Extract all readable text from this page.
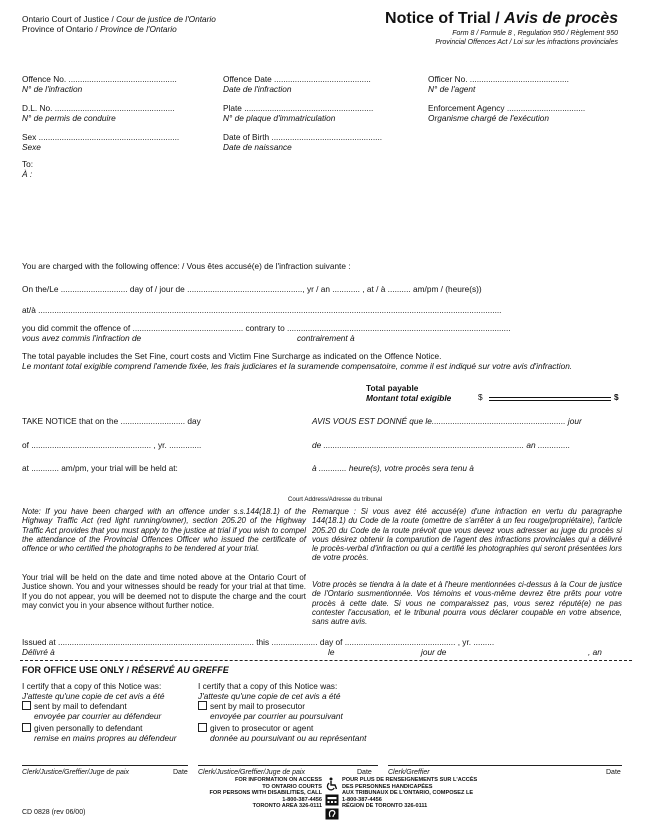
Ontario Court of Justice / Cour de justice de l'Ontario
Province of Ontario / Province de l'Ontario
Notice of Trial / Avis de procès
Form 8 / Formule 8 , Regulation 950 / Règlement 950
Provincial Offences Act / Loi sur les infractions provinciales
Offence No. ...............................................
N° de l'infraction
Offence Date ..........................................
Date de l'infraction
Officer No. ...........................................
N° de l'agent
D.L. No. ....................................................
N° de permis de conduire
Plate ........................................................
N° de plaque d'immatriculation
Enforcement Agency ..................................
Organisme chargé de l'exécution
Sex .............................................................
Sexe
Date of Birth ................................................
Date de naissance
To:
À :
You are charged with the following offence: / Vous êtes accusé(e) de l'infraction suivante :
On the/Le ............................. day of / jour de .................................................., yr / an ............ , at / à .......... am/pm / (heure(s))
at/à .........................................................................................................................................................................................................
you did commit the offence of ................................................ contrary to .................................................................................................
vous avez commis l'infraction de	contrairement à
The total payable includes the Set Fine, court costs and Victim Fine Surcharge as indicated on the Offence Notice.
Le montant total exigible comprend l'amende fixée, les frais judiciares et la suramende compensatoire, comme il est indiqué sur votre avis d'infraction.
Total payable
Montant total exigible	$	$
TAKE NOTICE that on the ............................ day	AVIS VOUS EST DONNÉ que le.......................................................... jour
of .................................................... , yr. ..............	de ....................................................................................... an ..............
at ............ am/pm, your trial will be held at:	à ............ heure(s), votre procès sera tenu à
Court Address/Adresse du tribunal
Note: If you have been charged with an offence under s.s.144(18.1) of the Highway Traffic Act (red light running/owner), section 205.20 of the Highway Traffic Act provides that you must apply to the justice at trial if you wish to compel the attendance of the Provincial Offences Officer who issued the certificate of offence or who certified the photographs to be tendered at your trial.
Your trial will be held on the date and time noted above at the Ontario Court of Justice shown. You and your witnesses should be ready for your trial at that time. If you do not appear, you will be deemed not to dispute the charge and the court may convict you in your absence without further notice.
Remarque : Si vous avez été accusé(e) d'une infraction en vertu du paragraphe 144(18.1) du Code de la route (omettre de s'arrêter à un feu rouge/propriétaire), l'article 205.20 du Code de la route prévoit que vous devez vous adresser au juge du procès si vous désirez obtenir la comparution de l'agent des infractions provinciales qui a délivré le procès-verbal d'infraction ou qui a certifié les photographies qui seront présentées lors de votre procès.
Votre procès se tiendra à la date et à l'heure mentionnées ci-dessus à la Cour de justice de l'Ontario susmentionnée. Vos témoins et vous-même devrez être prêts pour votre procès à cette date. Si vous ne comparaissez pas, vous serez réputé(e) ne pas contester l'accusation, et le tribunal pourra vous déclarer coupable en votre absence, sans autre avis.
Issued at ..................................................................................... this .................... day of ................................................ , yr. .........
Délivré à	le	jour de	, an
FOR OFFICE USE ONLY / RÉSERVÉ AU GREFFE
I certify that a copy of this Notice was:
J'atteste qu'une copie de cet avis a été
sent by mail to defendant
envoyée par courrier au défendeur
given personally to defendant
remise en mains propres au défendeur
I certify that a copy of this Notice was:
J'atteste qu'une copie de cet avis a été
sent by mail to prosecutor
envoyée par courrier au poursuivant
given to prosecutor or agent
donnée au poursuivant ou au représentant
Clerk/Justice/Greffier/Juge de paix	Date Clerk/Justice/Greffier/Juge de paix	Date Clerk/Greffier	Date
FOR INFORMATION ON ACCESS
TO ONTARIO COURTS
FOR PERSONS WITH DISABILITIES, CALL
1-800-387-4456
TORONTO AREA 326-0111
POUR PLUS DE RENSEIGNEMENTS SUR L'ACCÈS
DES PERSONNES HANDICAPÉES
AUX TRIBUNAUX DE L'ONTARIO, COMPOSEZ LE
1-800-387-4456
RÉGION DE TORONTO 326-0111
CD 0828 (rev 06/00)
